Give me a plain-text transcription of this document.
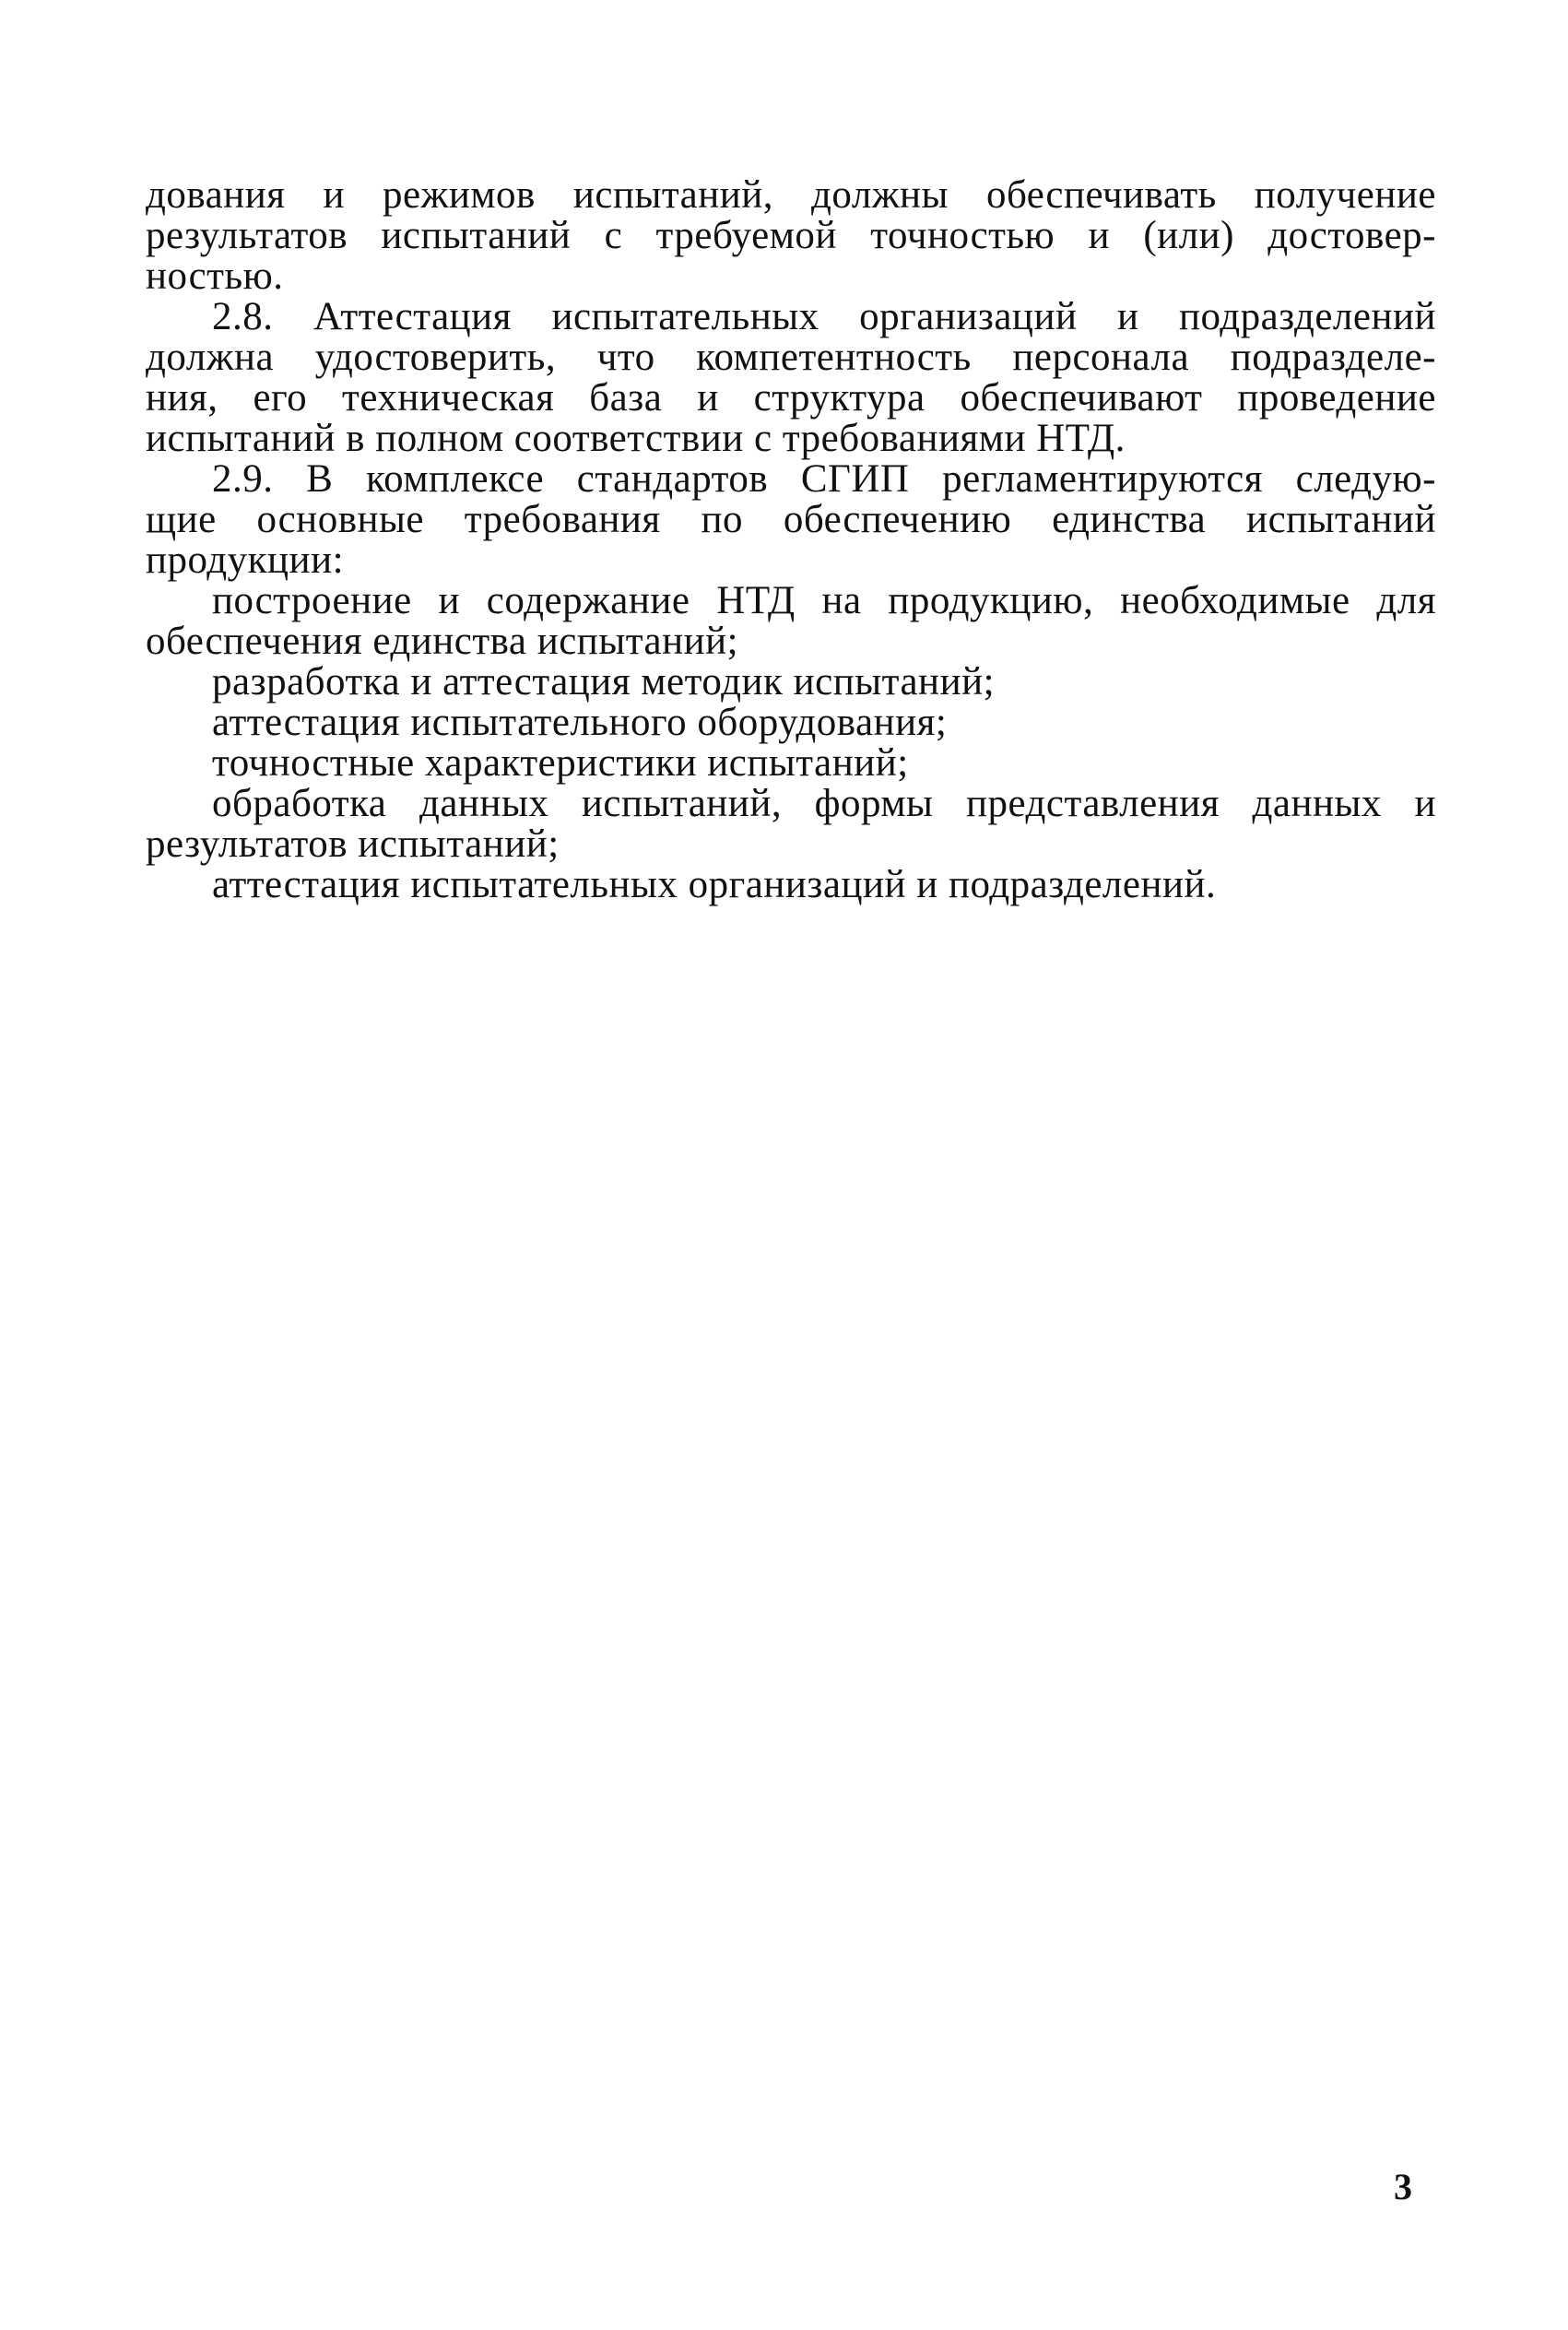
дования и режимов испытаний, должны обеспечивать получение
результатов испытаний с требуемой точностью и (или) достовер-
ностью.
2.8. Аттестация испытательных организаций и подразделений
должна удостоверить, что компетентность персонала подразделе-
ния, его техническая база и структура обеспечивают проведение
испытаний в полном соответствии с требованиями НТД.
2.9. В комплексе стандартов СГИП регламентируются следую-
щие основные требования по обеспечению единства испытаний
продукции:
построение и содержание НТД на продукцию, необходимые для
обеспечения единства испытаний;
разработка и аттестация методик испытаний;
аттестация испытательного оборудования;
точностные характеристики испытаний;
обработка данных испытаний, формы представления данных и
результатов испытаний;
аттестация испытательных организаций и подразделений.
3
